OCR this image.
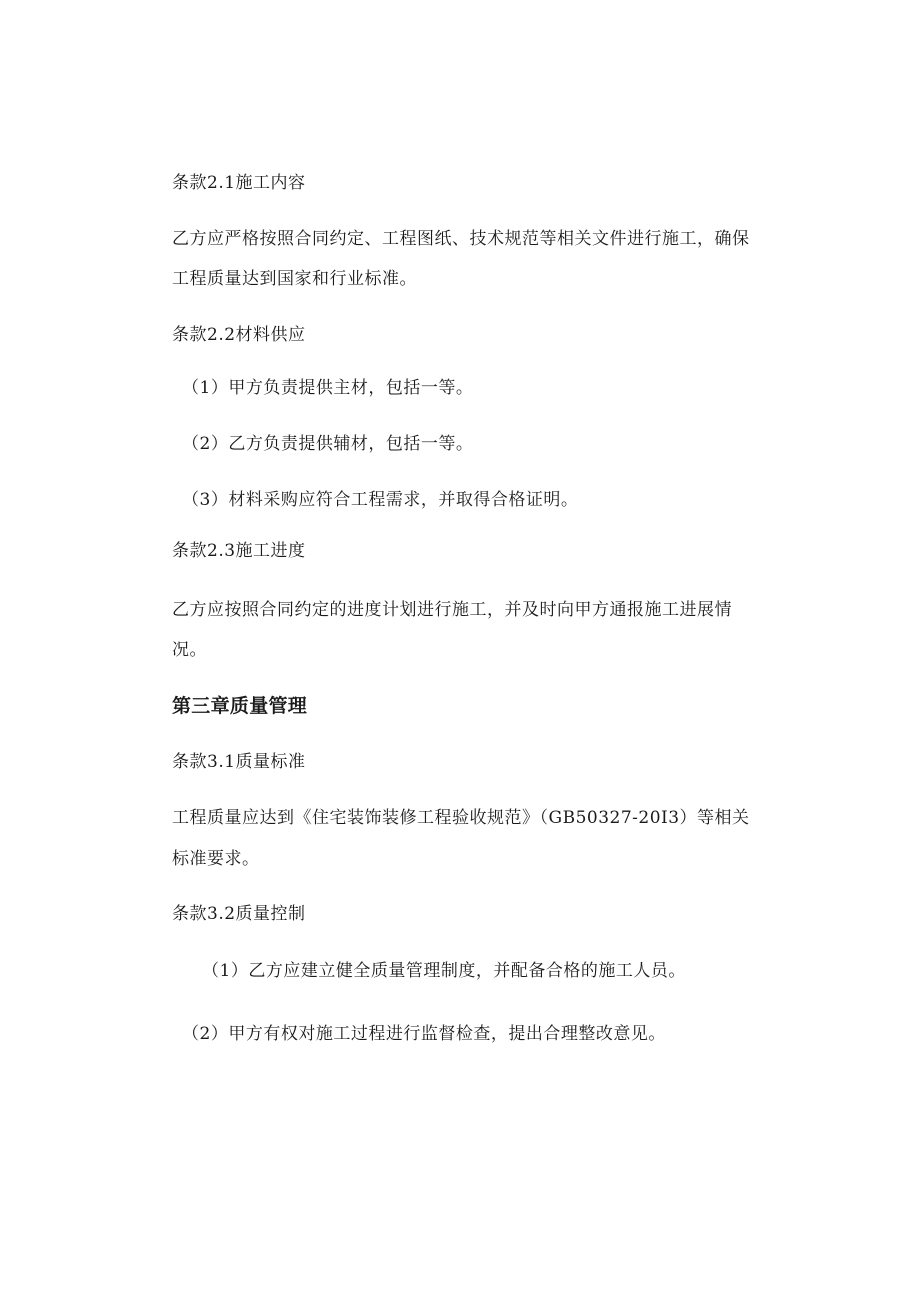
条款2.1施工内容
乙方应严格按照合同约定、工程图纸、技术规范等相关文件进行施工，确保
工程质量达到国家和行业标准。
条款2.2材料供应
（1）甲方负责提供主材，包括一等。
（2）乙方负责提供辅材，包括一等。
（3）材料采购应符合工程需求，并取得合格证明。
条款2.3施工进度
乙方应按照合同约定的进度计划进行施工，并及时向甲方通报施工进展情
况。
第三章质量管理
条款3.1质量标准
工程质量应达到《住宅装饰装修工程验收规范》（GB50327-20I3）等相关
标准要求。
条款3.2质量控制
（1）乙方应建立健全质量管理制度，并配备合格的施工人员。
（2）甲方有权对施工过程进行监督检查，提出合理整改意见。
